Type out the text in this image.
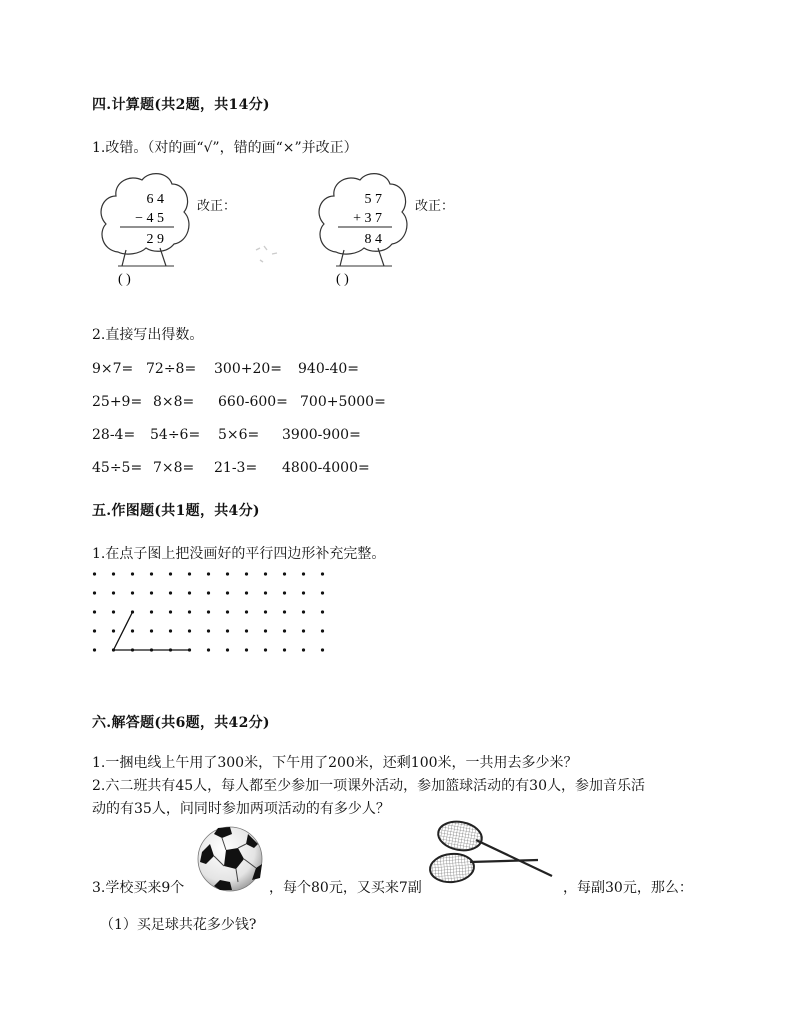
四.计算题(共2题，共14分)
1.改错。（对的画“√”，错的画“×”并改正）
6 4
− 4 5
2 9
( )
改正：	5 7
+ 3 7
8 4
( )
改正：
2.直接写出得数。
9×7= 72÷8= 300+20= 940-40=
25+9= 8×8= 660-600= 700+5000=
28-4= 54÷6= 5×6= 3900-900=
45÷5= 7×8= 21-3= 4800-4000=
五.作图题(共1题，共4分)
1.在点子图上把没画好的平行四边形补充完整。
六.解答题(共6题，共42分)
1.一捆电线上午用了300米，下午用了200米，还剩100米，一共用去多少米？
2.六二班共有45人，每人都至少参加一项课外活动，参加篮球活动的有30人，参加音乐活
动的有35人，问同时参加两项活动的有多少人？
3.学校买来9个	，每个80元，又买来7副	，每副30元，那么：
（1）买足球共花多少钱?
